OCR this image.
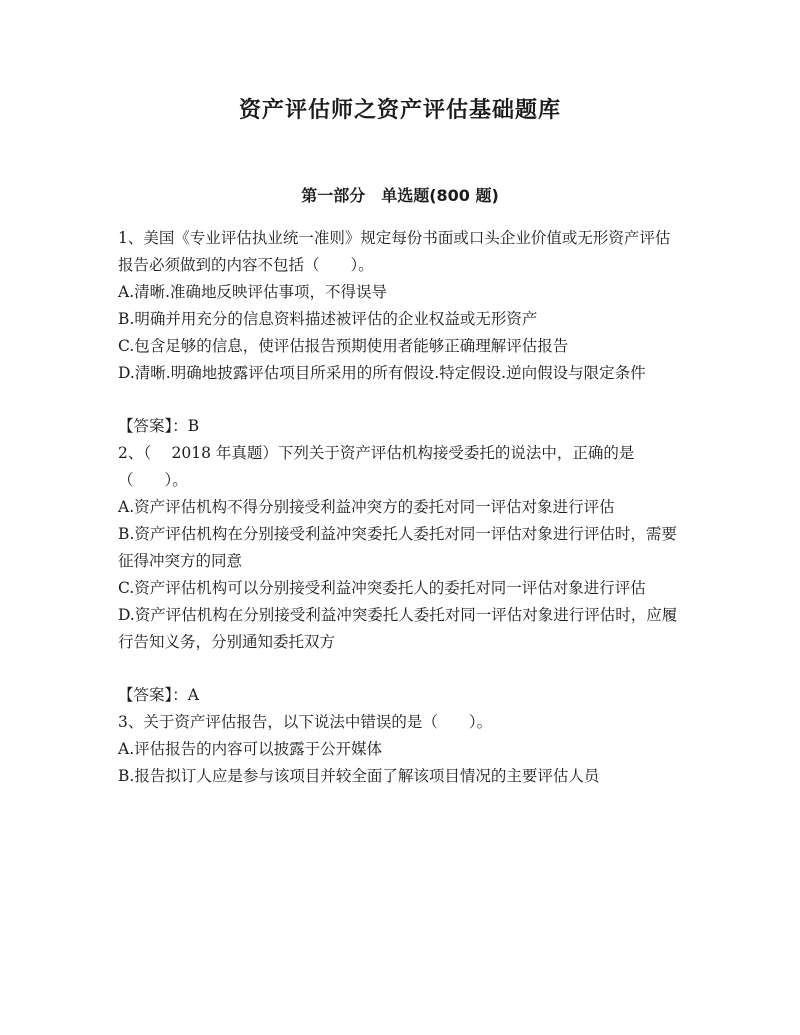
资产评估师之资产评估基础题库
第一部分　单选题(800 题)

1、美国《专业评估执业统一准则》规定每份书面或口头企业价值或无形资产评估报告必须做到的内容不包括（　　）。

A.清晰.准确地反映评估事项，不得误导

B.明确并用充分的信息资料描述被评估的企业权益或无形资产

C.包含足够的信息，使评估报告预期使用者能够正确理解评估报告

D.清晰.明确地披露评估项目所采用的所有假设.特定假设.逆向假设与限定条件

【答案】：B

2、（　 2018 年真题）下列关于资产评估机构接受委托的说法中，正确的是（　　）。

A.资产评估机构不得分别接受利益冲突方的委托对同一评估对象进行评估

B.资产评估机构在分别接受利益冲突委托人委托对同一评估对象进行评估时，需要征得冲突方的同意

C.资产评估机构可以分别接受利益冲突委托人的委托对同一评估对象进行评估

D.资产评估机构在分别接受利益冲突委托人委托对同一评估对象进行评估时，应履行告知义务，分别通知委托双方

【答案】：A

3、关于资产评估报告，以下说法中错误的是（　　）。

A.评估报告的内容可以披露于公开媒体

B.报告拟订人应是参与该项目并较全面了解该项目情况的主要评估人员
